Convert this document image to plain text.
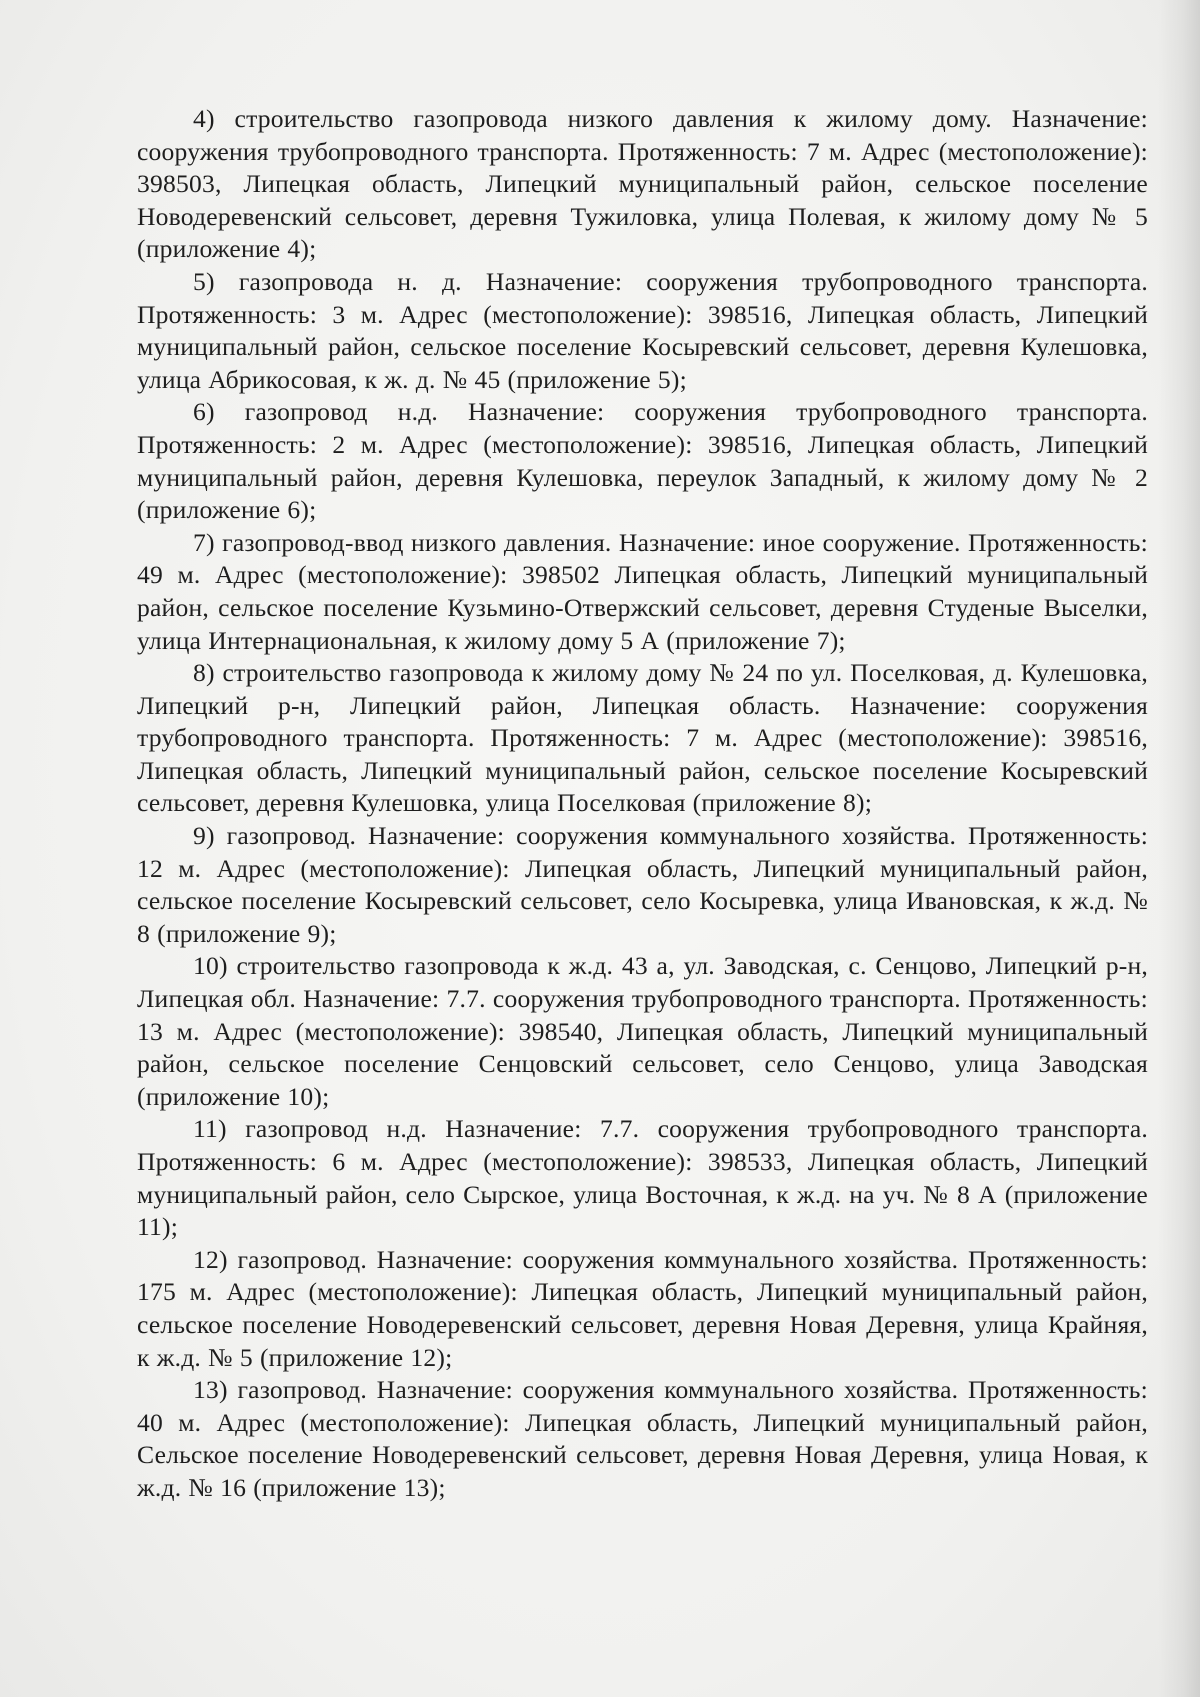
4) строительство газопровода низкого давления к жилому дому. Назначение: сооружения трубопроводного транспорта. Протяженность: 7 м. Адрес (местоположение): 398503, Липецкая область, Липецкий муниципальный район, сельское поселение Новодеревенский сельсовет, деревня Тужиловка, улица Полевая, к жилому дому № 5 (приложение 4);

5) газопровода н. д. Назначение: сооружения трубопроводного транспорта. Протяженность: 3 м. Адрес (местоположение): 398516, Липецкая область, Липецкий муниципальный район, сельское поселение Косыревский сельсовет, деревня Кулешовка, улица Абрикосовая, к ж. д. № 45 (приложение 5);

6) газопровод н.д. Назначение: сооружения трубопроводного транспорта. Протяженность: 2 м. Адрес (местоположение): 398516, Липецкая область, Липецкий муниципальный район, деревня Кулешовка, переулок Западный, к жилому дому № 2 (приложение 6);

7) газопровод-ввод низкого давления. Назначение: иное сооружение. Протяженность: 49 м. Адрес (местоположение): 398502 Липецкая область, Липецкий муниципальный район, сельское поселение Кузьмино-Отвержский сельсовет, деревня Студеные Выселки, улица Интернациональная, к жилому дому 5 А (приложение 7);

8) строительство газопровода к жилому дому № 24 по ул. Поселковая, д. Кулешовка, Липецкий р-н, Липецкий район, Липецкая область. Назначение: сооружения трубопроводного транспорта. Протяженность: 7 м. Адрес (местоположение): 398516, Липецкая область, Липецкий муниципальный район, сельское поселение Косыревский сельсовет, деревня Кулешовка, улица Поселковая (приложение 8);

9) газопровод. Назначение: сооружения коммунального хозяйства. Протяженность: 12 м. Адрес (местоположение): Липецкая область, Липецкий муниципальный район, сельское поселение Косыревский сельсовет, село Косыревка, улица Ивановская, к ж.д. № 8 (приложение 9);

10) строительство газопровода к ж.д. 43 а, ул. Заводская, с. Сенцово, Липецкий р-н, Липецкая обл. Назначение: 7.7. сооружения трубопроводного транспорта. Протяженность: 13 м. Адрес (местоположение): 398540, Липецкая область, Липецкий муниципальный район, сельское поселение Сенцовский сельсовет, село Сенцово, улица Заводская (приложение 10);

11) газопровод н.д. Назначение: 7.7. сооружения трубопроводного транспорта. Протяженность: 6 м. Адрес (местоположение): 398533, Липецкая область, Липецкий муниципальный район, село Сырское, улица Восточная, к ж.д. на уч. № 8 А (приложение 11);

12) газопровод. Назначение: сооружения коммунального хозяйства. Протяженность: 175 м. Адрес (местоположение): Липецкая область, Липецкий муниципальный район, сельское поселение Новодеревенский сельсовет, деревня Новая Деревня, улица Крайняя, к ж.д. № 5 (приложение 12);

13) газопровод. Назначение: сооружения коммунального хозяйства. Протяженность: 40 м. Адрес (местоположение): Липецкая область, Липецкий муниципальный район, Сельское поселение Новодеревенский сельсовет, деревня Новая Деревня, улица Новая, к ж.д. № 16 (приложение 13);
